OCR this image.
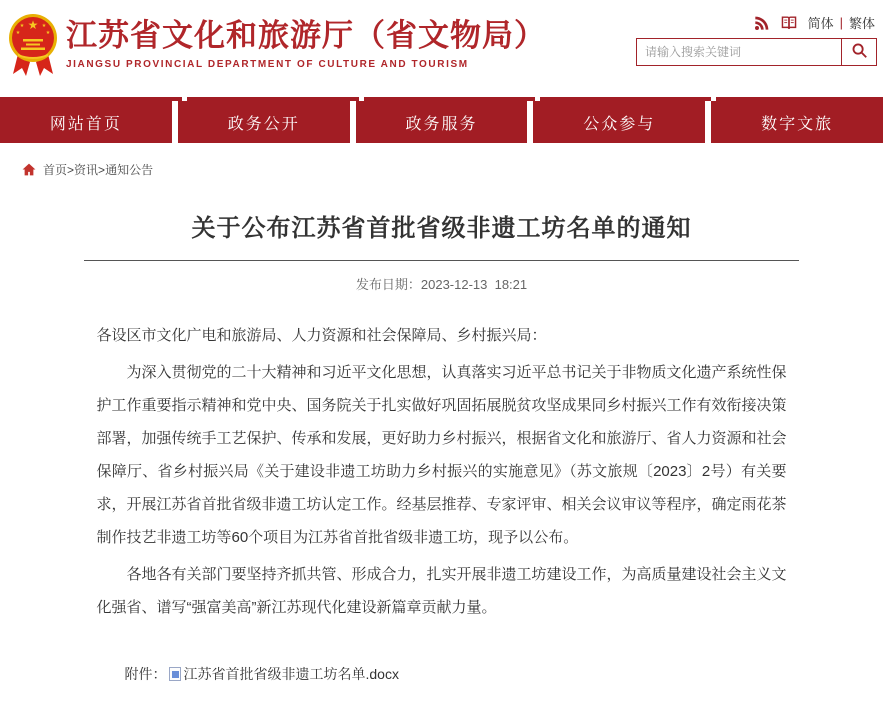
★
★	★
★	★ 江苏省文化和旅游厅（省文物局）
JIANGSU PROVINCIAL DEPARTMENT OF CULTURE AND TOURISM
简体 | 繁体
请输入搜索关键词
网站首页	政务公开	政务服务	公众参与	数字文旅
首页 > 资讯 > 通知公告
关于公布江苏省首批省级非遗工坊名单的通知
发布日期：2023-12-13  18:21

各设区市文化广电和旅游局、人力资源和社会保障局、乡村振兴局：

为深入贯彻党的二十大精神和习近平文化思想，认真落实习近平总书记关于非物质文化遗产系统性保护工作重要指示精神和党中央、国务院关于扎实做好巩固拓展脱贫攻坚成果同乡村振兴工作有效衔接决策部署，加强传统手工艺保护、传承和发展，更好助力乡村振兴，根据省文化和旅游厅、省人力资源和社会保障厅、省乡村振兴局《关于建设非遗工坊助力乡村振兴的实施意见》（苏文旅规〔2023〕2号）有关要求，开展江苏省首批省级非遗工坊认定工作。经基层推荐、专家评审、相关会议审议等程序，确定雨花茶制作技艺非遗工坊等60个项目为江苏省首批省级非遗工坊，现予以公布。

各地各有关部门要坚持齐抓共管、形成合力，扎实开展非遗工坊建设工作，为高质量建设社会主义文化强省、谱写“强富美高”新江苏现代化建设新篇章贡献力量。

附件： 江苏省首批省级非遗工坊名单.docx
